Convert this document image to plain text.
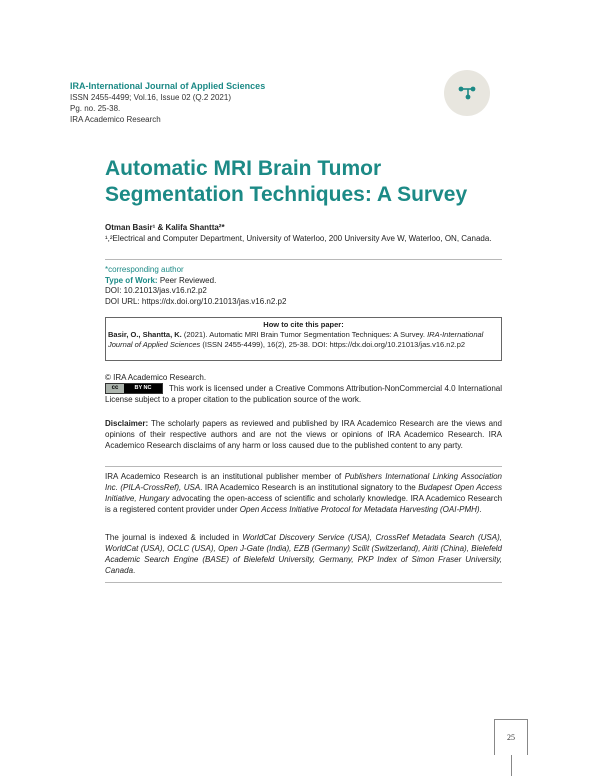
IRA-International Journal of Applied Sciences
ISSN 2455-4499; Vol.16, Issue 02 (Q.2 2021)
Pg. no. 25-38.
IRA Academico Research
Automatic MRI Brain Tumor
Segmentation Techniques: A Survey
Otman Basir¹ & Kalifa Shantta²*
¹,²Electrical and Computer Department, University of Waterloo, 200 University Ave W, Waterloo, ON, Canada.
*corresponding author
Type of Work: Peer Reviewed.
DOI: 10.21013/jas.v16.n2.p2
DOI URL: https://dx.doi.org/10.21013/jas.v16.n2.p2
How to cite this paper:
Basir, O., Shantta, K. (2021). Automatic MRI Brain Tumor Segmentation Techniques: A Survey. IRA-International Journal of Applied Sciences (ISSN 2455-4499), 16(2), 25-38. DOI: https://dx.doi.org/10.21013/jas.v16.n2.p2
© IRA Academico Research.
cc	BY NC	This work is licensed under a Creative Commons Attribution-NonCommercial 4.0 International License subject to a proper citation to the publication source of the work.
Disclaimer: The scholarly papers as reviewed and published by IRA Academico Research are the views and opinions of their respective authors and are not the views or opinions of IRA Academico Research. IRA Academico Research disclaims of any harm or loss caused due to the published content to any party.
IRA Academico Research is an institutional publisher member of Publishers International Linking Association Inc. (PILA-CrossRef), USA. IRA Academico Research is an institutional signatory to the Budapest Open Access Initiative, Hungary advocating the open-access of scientific and scholarly knowledge. IRA Academico Research is a registered content provider under Open Access Initiative Protocol for Metadata Harvesting (OAI-PMH).
The journal is indexed & included in WorldCat Discovery Service (USA), CrossRef Metadata Search (USA), WorldCat (USA), OCLC (USA), Open J-Gate (India), EZB (Germany) Scilit (Switzerland), Airiti (China), Bielefeld Academic Search Engine (BASE) of Bielefeld University, Germany, PKP Index of Simon Fraser University, Canada.
25
